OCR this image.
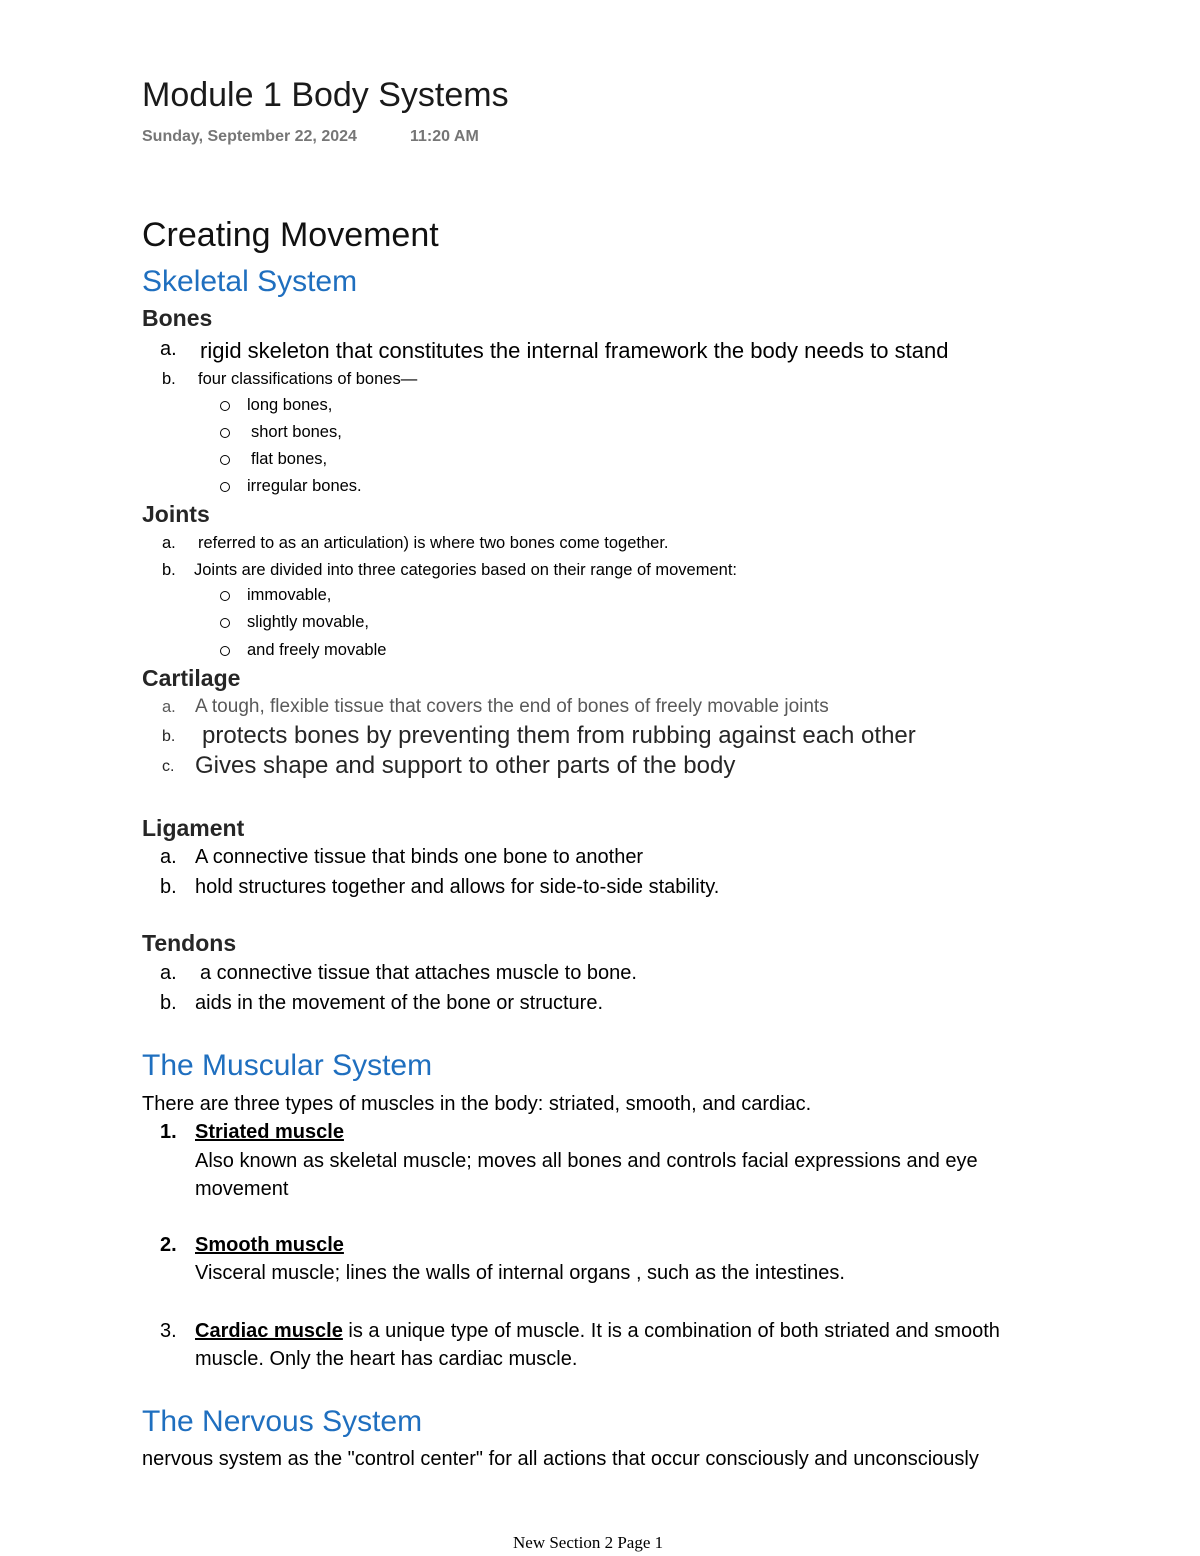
Module 1 Body Systems
Sunday, September 22, 2024	11:20 AM
Creating Movement
Skeletal System
Bones
a. rigid skeleton that constitutes the internal framework the body needs to stand
b. four classifications of bones—
long bones,
short bones,
flat bones,
irregular bones.
Joints
a. referred to as an articulation) is where two bones come together.
b. Joints are divided into three categories based on their range of movement:
immovable,
slightly movable,
and freely movable
Cartilage
a. A tough, flexible tissue that covers the end of bones of freely movable joints
b. protects bones by preventing them from rubbing against each other
c. Gives shape and support to other parts of the body
Ligament
a. A connective tissue that binds one bone to another
b. hold structures together and allows for side-to-side stability.
Tendons
a. a connective tissue that attaches muscle to bone.
b. aids in the movement of the bone or structure.
The Muscular System
There are three types of muscles in the body: striated, smooth, and cardiac.
1. Striated muscle
Also known as skeletal muscle; moves all bones and controls facial expressions and eye
movement
2. Smooth muscle
Visceral muscle; lines the walls of internal organs , such as the intestines.
3. Cardiac muscle is a unique type of muscle. It is a combination of both striated and smooth
muscle. Only the heart has cardiac muscle.
The Nervous System
nervous system as the "control center" for all actions that occur consciously and unconsciously
New Section 2 Page 1
